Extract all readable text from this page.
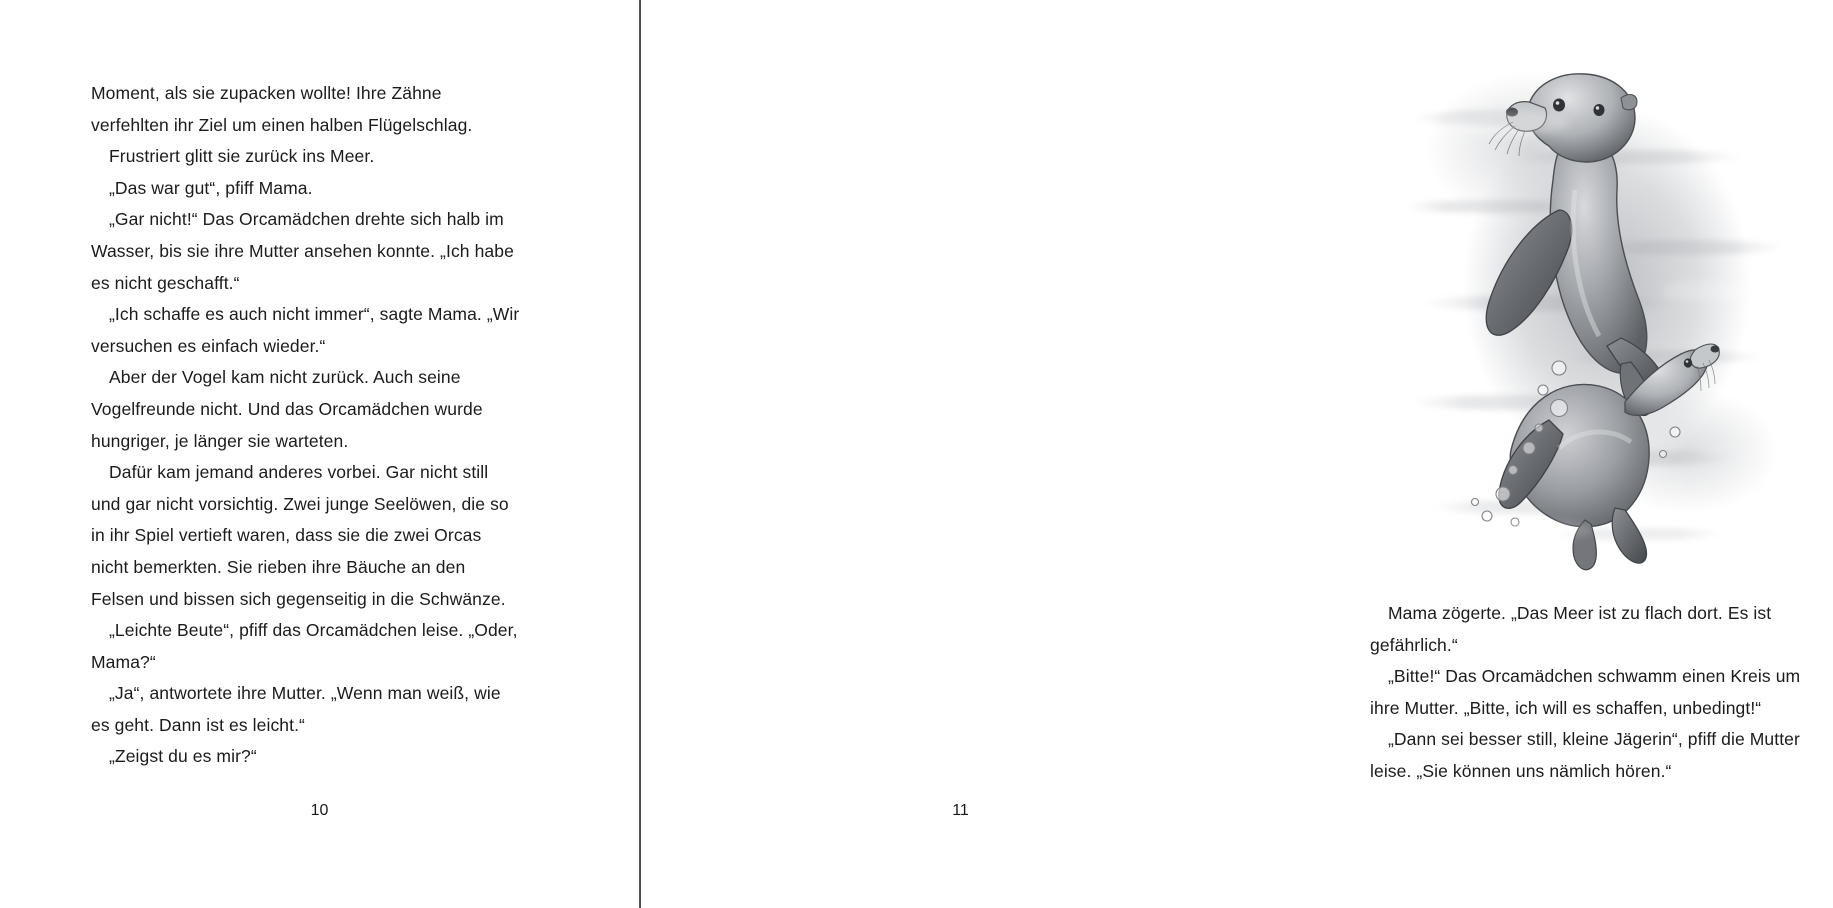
Moment, als sie zupacken wollte! Ihre Zähne verfehlten ihr Ziel um einen halben Flügelschlag.

Frustriert glitt sie zurück ins Meer.

„Das war gut“, pfiff Mama.

„Gar nicht!“ Das Orcamädchen drehte sich halb im Wasser, bis sie ihre Mutter ansehen konnte. „Ich habe es nicht geschafft.“

„Ich schaffe es auch nicht immer“, sagte Mama. „Wir versuchen es einfach wieder.“

Aber der Vogel kam nicht zurück. Auch seine Vogelfreunde nicht. Und das Orcamädchen wurde hungriger, je länger sie warteten.

Dafür kam jemand anderes vorbei. Gar nicht still und gar nicht vorsichtig. Zwei junge Seelöwen, die so in ihr Spiel vertieft waren, dass sie die zwei Orcas nicht bemerkten. Sie rieben ihre Bäuche an den Felsen und bissen sich gegenseitig in die Schwänze.

„Leichte Beute“, pfiff das Orcamädchen leise. „Oder, Mama?“

„Ja“, antwortete ihre Mutter. „Wenn man weiß, wie es geht. Dann ist es leicht.“

„Zeigst du es mir?“

10

Mama zögerte. „Das Meer ist zu flach dort. Es ist gefährlich.“

„Bitte!“ Das Orcamädchen schwamm einen Kreis um ihre Mutter. „Bitte, ich will es schaffen, unbedingt!“

„Dann sei besser still, kleine Jägerin“, pfiff die Mutter leise. „Sie können uns nämlich hören.“

11
